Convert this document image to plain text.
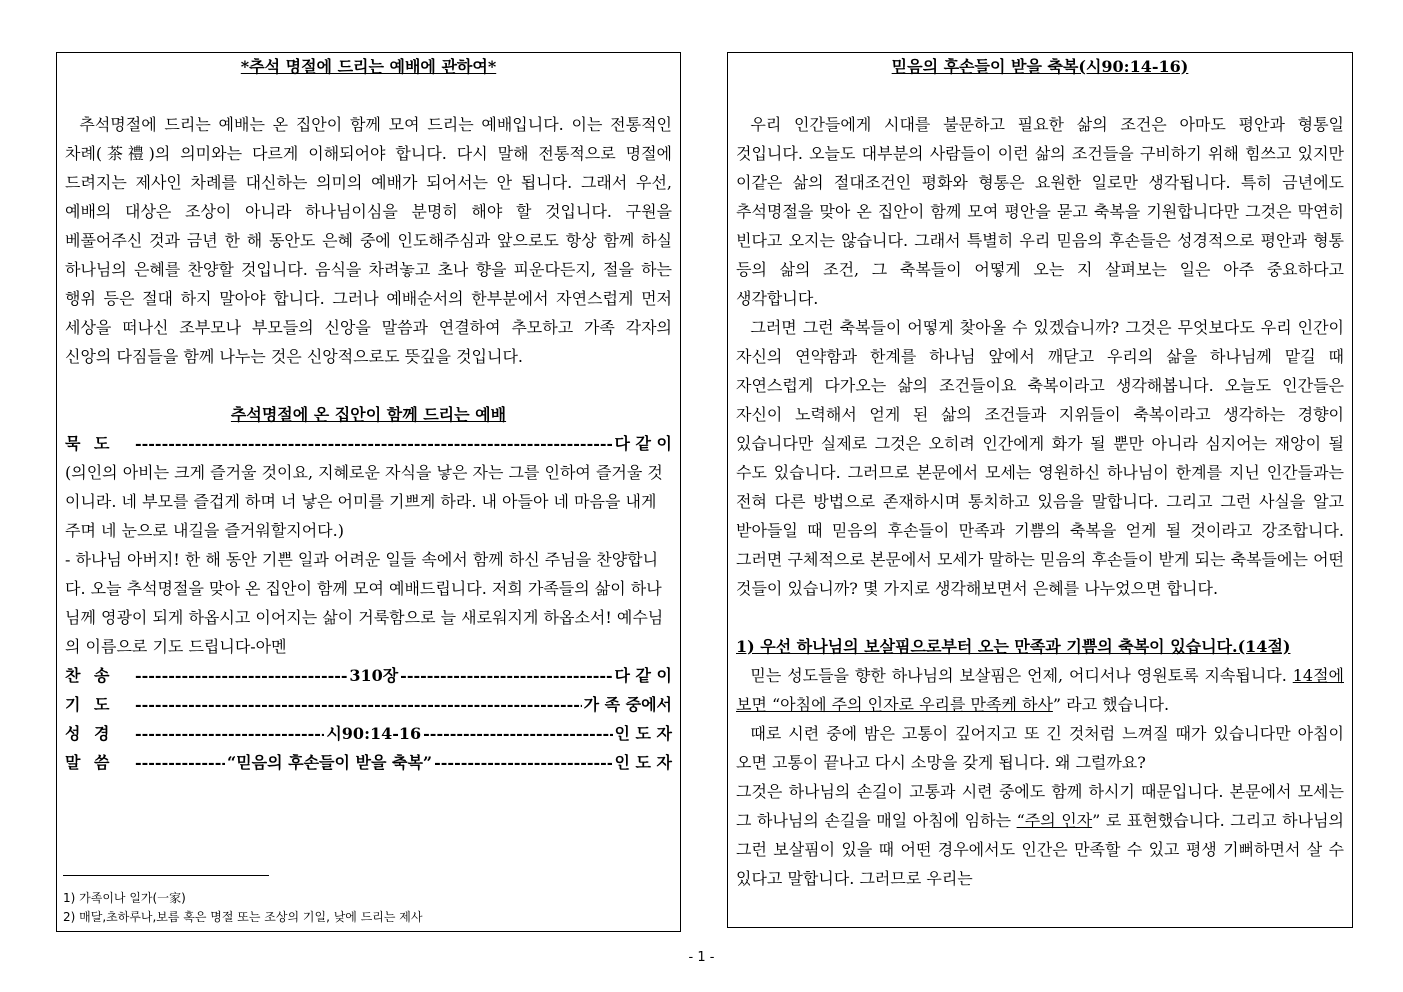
*추석 명절에 드리는 예배에 관하여*

추석명절에 드리는 예배는 온 집안이 함께 모여 드리는 예배입니다. 이는 전통적인 차례(茶禮)의 의미와는 다르게 이해되어야 합니다. 다시 말해 전통적으로 명절에 드려지는 제사인 차례를 대신하는 의미의 예배가 되어서는 안 됩니다. 그래서 우선, 예배의 대상은 조상이 아니라 하나님이심을 분명히 해야 할 것입니다. 구원을 베풀어주신 것과 금년 한 해 동안도 은혜 중에 인도해주심과 앞으로도 항상 함께 하실 하나님의 은혜를 찬양할 것입니다. 음식을 차려놓고 초나 향을 피운다든지, 절을 하는 행위 등은 절대 하지 말아야 합니다. 그러나 예배순서의 한부분에서 자연스럽게 먼저 세상을 떠나신 조부모나 부모들의 신앙을 말씀과 연결하여 추모하고 가족 각자의 신앙의 다짐들을 함께 나누는 것은 신앙적으로도 뜻깊을 것입니다.

추석명절에 온 집안이 함께 드리는 예배
묵 도 -----	다 같 이

(의인의 아비는 크게 즐거울 것이요, 지혜로운 자식을 낳은 자는 그를 인하여 즐거울 것이니라. 네 부모를 즐겁게 하며 너 낳은 어미를 기쁘게 하라. 내 아들아 네 마음을 내게 주며 네 눈으로 내길을 즐거워할지어다.)

- 하나님 아버지! 한 해 동안 기쁜 일과 어려운 일들 속에서 함께 하신 주님을 찬양합니다. 오늘 추석명절을 맞아 온 집안이 함께 모여 예배드립니다. 저희 가족들의 삶이 하나님께 영광이 되게 하옵시고 이어지는 삶이 거룩함으로 늘 새로워지게 하옵소서! 예수님의 이름으로 기도 드립니다-아멘

찬 송 -----	310장 -----	다 같 이
기 도 -----	가 족 중에서
성 경 -----	시90:14-16 -----	인 도 자
말 씀 -----	“믿음의 후손들이 받을 축복” -----	인 도 자
1) 가족이나 일가(一家)
2) 매달,초하루나,보름 혹은 명절 또는 조상의 기일, 낮에 드리는 제사
믿음의 후손들이 받을 축복(시90:14-16)

우리 인간들에게 시대를 불문하고 필요한 삶의 조건은 아마도 평안과 형통일 것입니다. 오늘도 대부분의 사람들이 이런 삶의 조건들을 구비하기 위해 힘쓰고 있지만 이같은 삶의 절대조건인 평화와 형통은 요원한 일로만 생각됩니다. 특히 금년에도 추석명절을 맞아 온 집안이 함께 모여 평안을 묻고 축복을 기원합니다만 그것은 막연히 빈다고 오지는 않습니다. 그래서 특별히 우리 믿음의 후손들은 성경적으로 평안과 형통 등의 삶의 조건, 그 축복들이 어떻게 오는 지 살펴보는 일은 아주 중요하다고 생각합니다.

그러면 그런 축복들이 어떻게 찾아올 수 있겠습니까? 그것은 무엇보다도 우리 인간이 자신의 연약함과 한계를 하나님 앞에서 깨닫고 우리의 삶을 하나님께 맡길 때 자연스럽게 다가오는 삶의 조건들이요 축복이라고 생각해봅니다. 오늘도 인간들은 자신이 노력해서 얻게 된 삶의 조건들과 지위들이 축복이라고 생각하는 경향이 있습니다만 실제로 그것은 오히려 인간에게 화가 될 뿐만 아니라 심지어는 재앙이 될 수도 있습니다. 그러므로 본문에서 모세는 영원하신 하나님이 한계를 지닌 인간들과는 전혀 다른 방법으로 존재하시며 통치하고 있음을 말합니다. 그리고 그런 사실을 알고 받아들일 때 믿음의 후손들이 만족과 기쁨의 축복을 얻게 될 것이라고 강조합니다. 그러면 구체적으로 본문에서 모세가 말하는 믿음의 후손들이 받게 되는 축복들에는 어떤 것들이 있습니까? 몇 가지로 생각해보면서 은혜를 나누었으면 합니다.

1) 우선 하나님의 보살핌으로부터 오는 만족과 기쁨의 축복이 있습니다.(14절)

믿는 성도들을 향한 하나님의 보살핌은 언제, 어디서나 영원토록 지속됩니다. 14절에 보면 “아침에 주의 인자로 우리를 만족케 하사” 라고 했습니다.

때로 시련 중에 밤은 고통이 깊어지고 또 긴 것처럼 느껴질 때가 있습니다만 아침이 오면 고통이 끝나고 다시 소망을 갖게 됩니다. 왜 그럴까요?

그것은 하나님의 손길이 고통과 시련 중에도 함께 하시기 때문입니다. 본문에서 모세는 그 하나님의 손길을 매일 아침에 임하는 “주의 인자” 로 표현했습니다. 그리고 하나님의 그런 보살핌이 있을 때 어떤 경우에서도 인간은 만족할 수 있고 평생 기뻐하면서 살 수 있다고 말합니다. 그러므로 우리는

- 1 -
